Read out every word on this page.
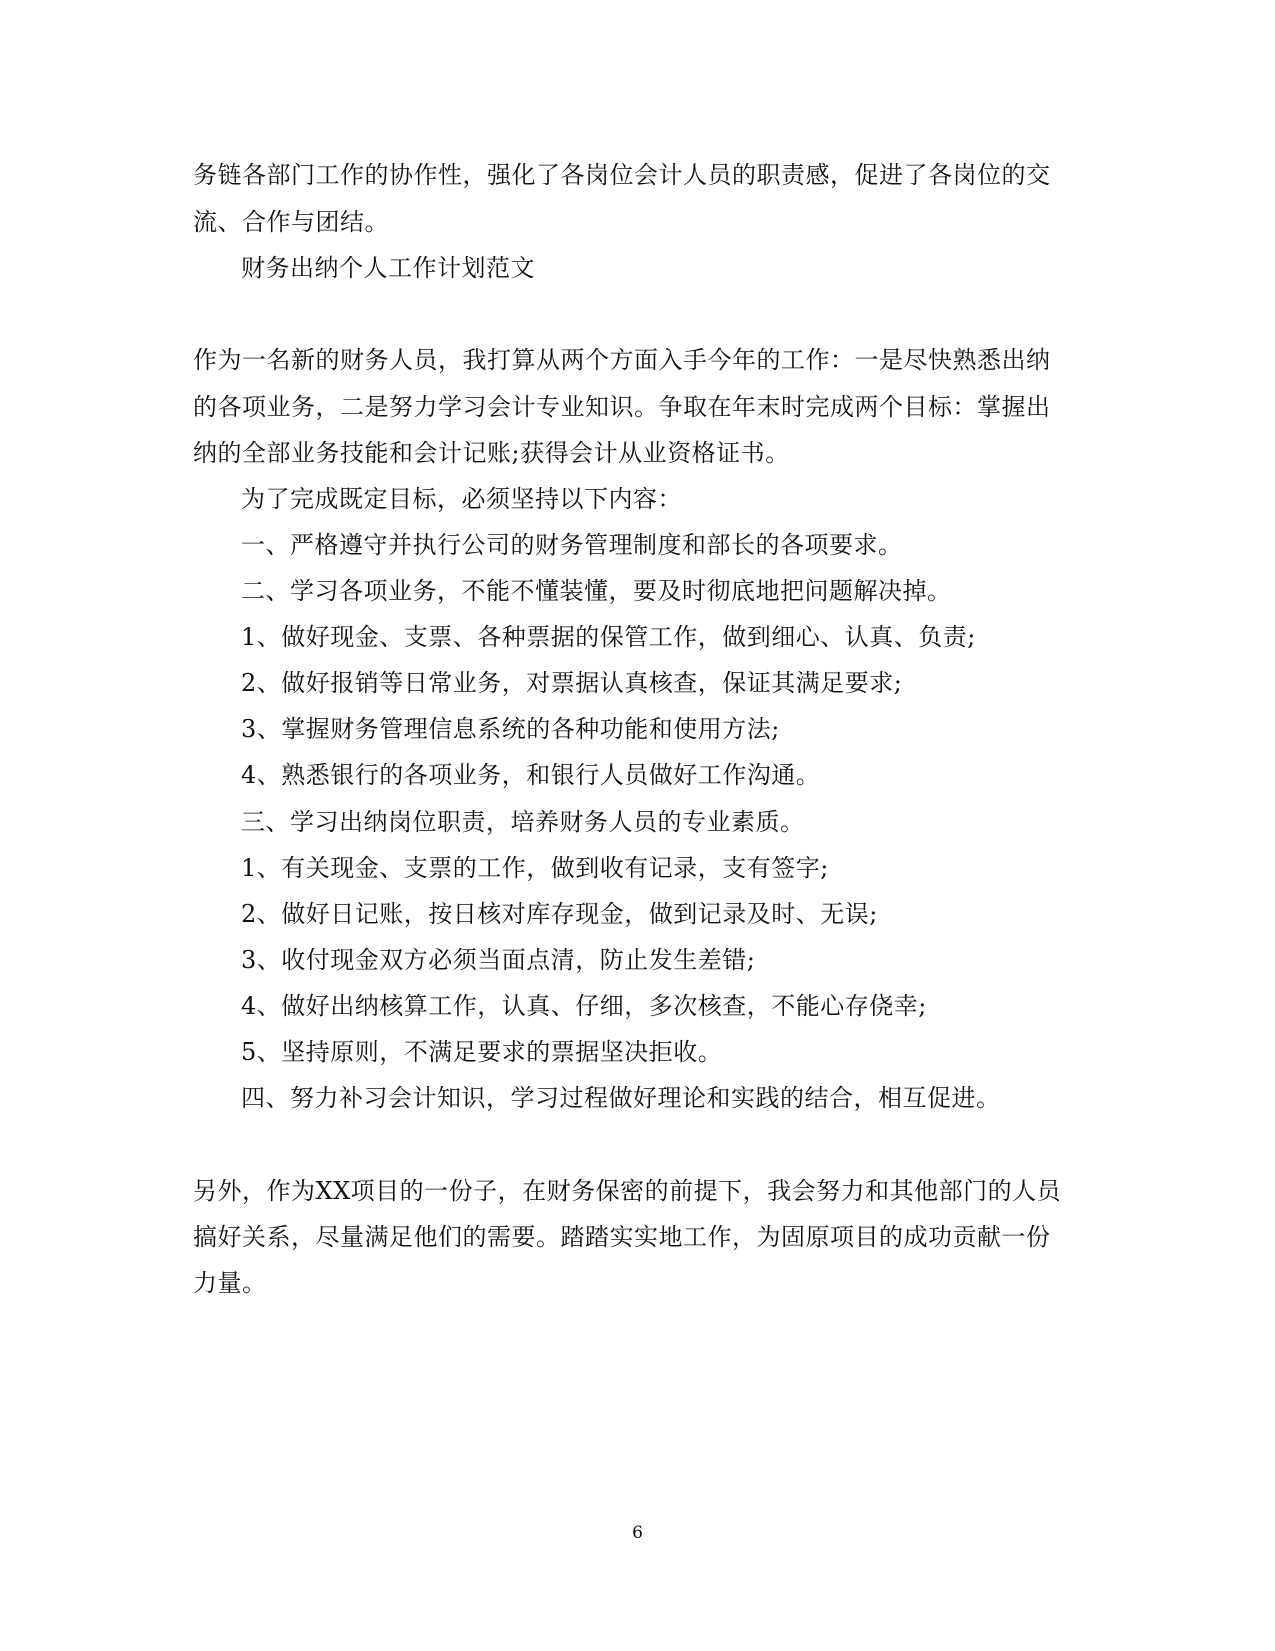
务链各部门工作的协作性，强化了各岗位会计人员的职责感，促进了各岗位的交
流、合作与团结。
财务出纳个人工作计划范文
作为一名新的财务人员，我打算从两个方面入手今年的工作：一是尽快熟悉出纳
的各项业务，二是努力学习会计专业知识。争取在年末时完成两个目标：掌握出
纳的全部业务技能和会计记账;获得会计从业资格证书。
为了完成既定目标，必须坚持以下内容：
一、严格遵守并执行公司的财务管理制度和部长的各项要求。
二、学习各项业务，不能不懂装懂，要及时彻底地把问题解决掉。
1、做好现金、支票、各种票据的保管工作，做到细心、认真、负责;
2、做好报销等日常业务，对票据认真核查，保证其满足要求;
3、掌握财务管理信息系统的各种功能和使用方法;
4、熟悉银行的各项业务，和银行人员做好工作沟通。
三、学习出纳岗位职责，培养财务人员的专业素质。
1、有关现金、支票的工作，做到收有记录，支有签字;
2、做好日记账，按日核对库存现金，做到记录及时、无误;
3、收付现金双方必须当面点清，防止发生差错;
4、做好出纳核算工作，认真、仔细，多次核查，不能心存侥幸;
5、坚持原则，不满足要求的票据坚决拒收。
四、努力补习会计知识，学习过程做好理论和实践的结合，相互促进。
另外，作为XX项目的一份子，在财务保密的前提下，我会努力和其他部门的人员
搞好关系，尽量满足他们的需要。踏踏实实地工作，为固原项目的成功贡献一份
力量。
6
